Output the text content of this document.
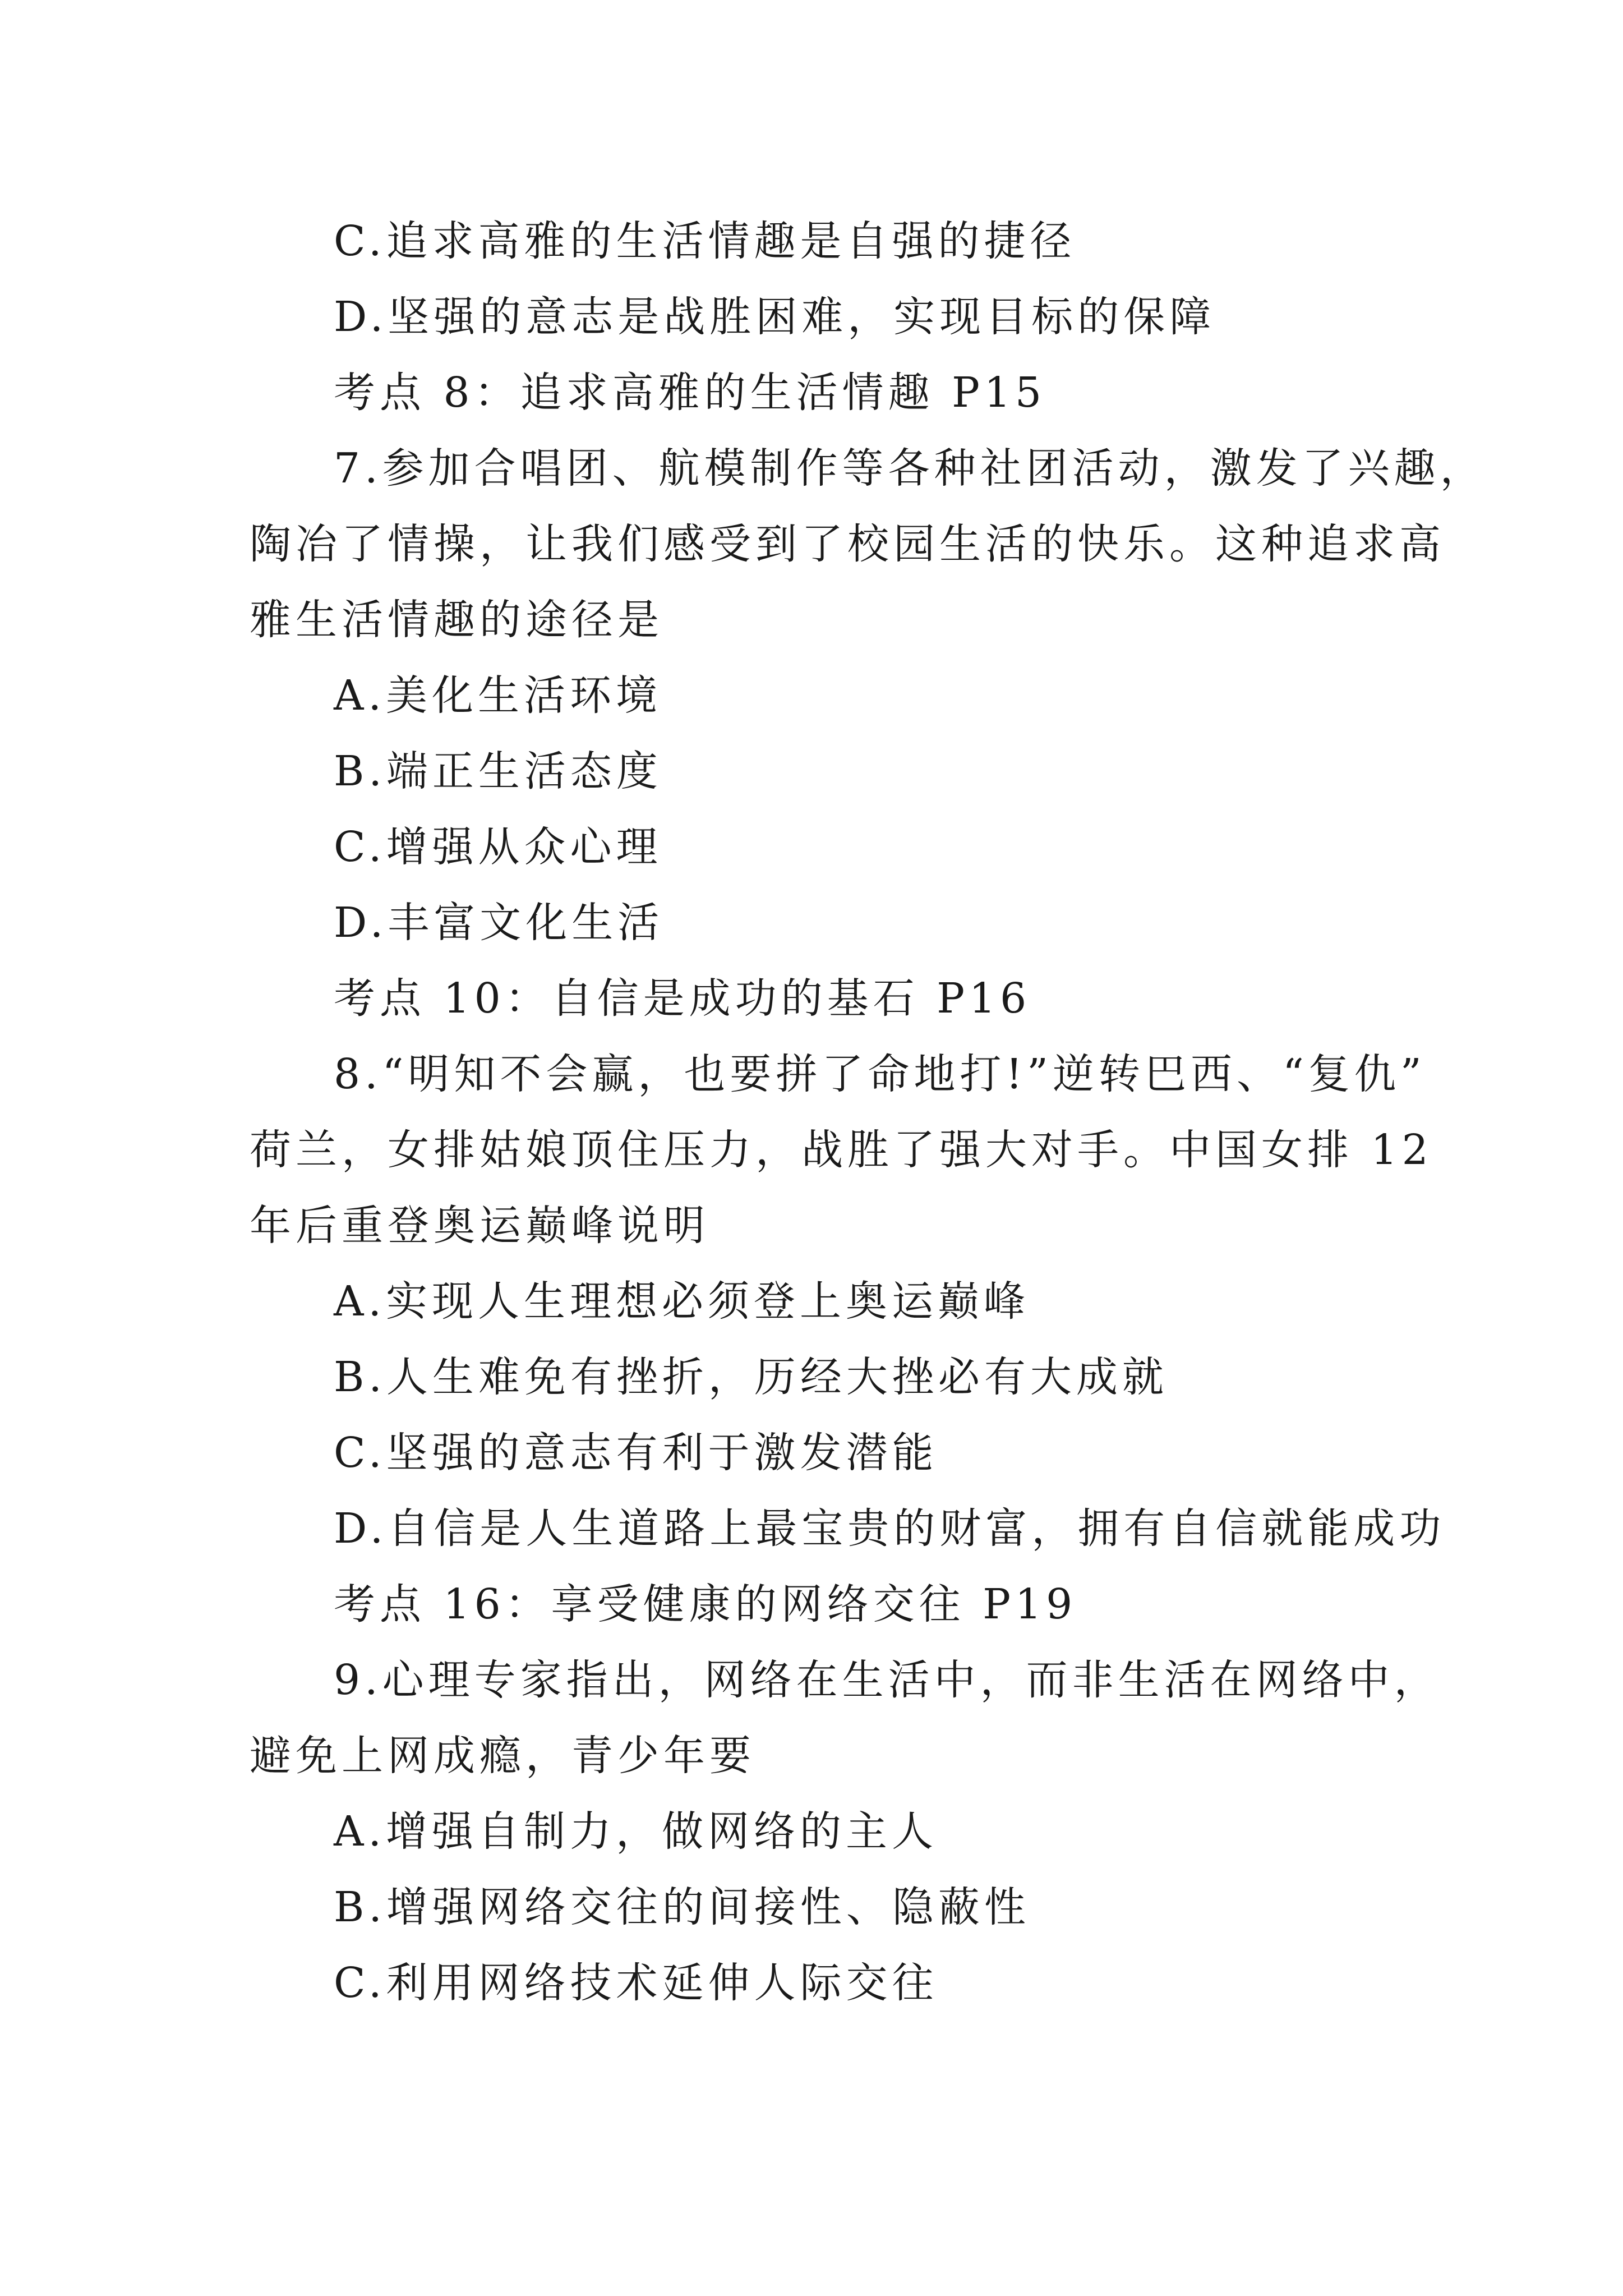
C.追求高雅的生活情趣是自强的捷径
D.坚强的意志是战胜困难，实现目标的保障
考点 8：追求高雅的生活情趣 P15
7.参加合唱团、航模制作等各种社团活动，激发了兴趣，
陶冶了情操，让我们感受到了校园生活的快乐。这种追求高
雅生活情趣的途径是
A.美化生活环境
B.端正生活态度
C.增强从众心理
D.丰富文化生活
考点 10：自信是成功的基石 P16
8.“明知不会赢，也要拼了命地打!”逆转巴西、“复仇”
荷兰，女排姑娘顶住压力，战胜了强大对手。中国女排 12
年后重登奥运巅峰说明
A.实现人生理想必须登上奥运巅峰
B.人生难免有挫折，历经大挫必有大成就
C.坚强的意志有利于激发潜能
D.自信是人生道路上最宝贵的财富，拥有自信就能成功
考点 16：享受健康的网络交往 P19
9.心理专家指出，网络在生活中，而非生活在网络中，
避免上网成瘾，青少年要
A.增强自制力，做网络的主人
B.增强网络交往的间接性、隐蔽性
C.利用网络技术延伸人际交往
